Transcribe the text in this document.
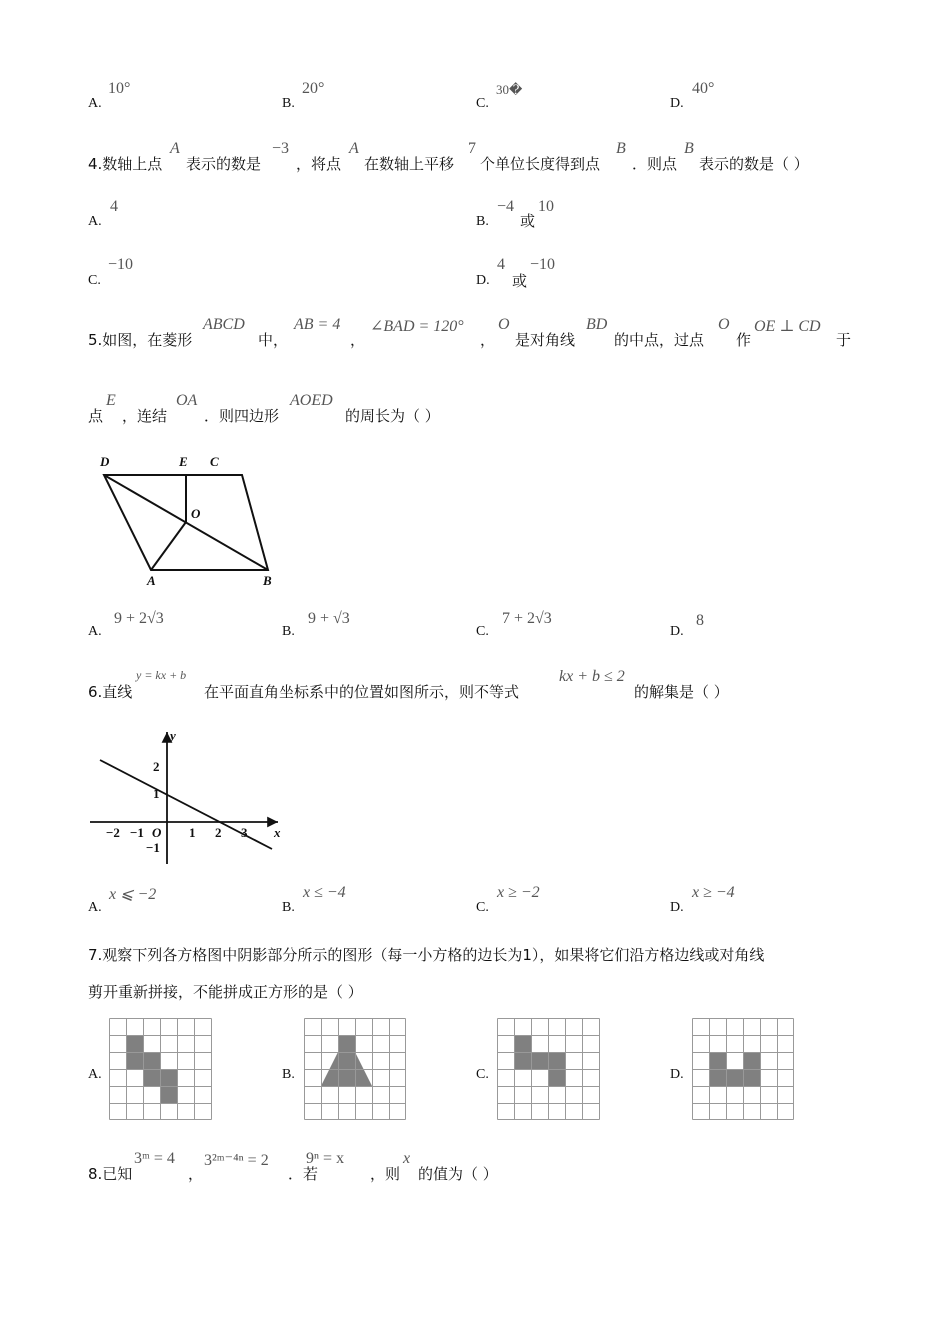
A.
10°
B.
20°
C.
30�
D.
40°
4.数轴上点
A
表示的数是
−3
，将点
A
在数轴上平移
7
个单位长度得到点
B
．则点
B
表示的数是（ ）
A.
4
B.
−4
或
10
C.
−10
D.
4
或
−10
5.如图，在菱形
ABCD
中，
AB = 4
，
∠BAD = 120°
，
O
是对角线
BD
的中点，过点
O
作
OE ⊥ CD
于
点
E
，连结
OA
．则四边形
AOED
的周长为（ ）
D	E C
O
A	B
A.
9 + 2√3
B.
9 + √3
C.
7 + 2√3
D.
8
6.直线
y = kx + b
在平面直角坐标系中的位置如图所示，则不等式
kx + b ≤ 2
的解集是（ ）
y
x
O
2
1
−1
−2 −1	1 2 3
A.
x ⩽ −2
B.
x ≤ −4
C.
x ≥ −2
D.
x ≥ −4
7.观察下列各方格图中阴影部分所示的图形（每一小方格的边长为1），如果将它们沿方格边线或对角线
剪开重新拼接，不能拼成正方形的是（ ）
A.	B.	C.	D.
8.已知
3ᵐ = 4
，
3²ᵐ⁻⁴ⁿ = 2
．若
9ⁿ = x
，则
x
的值为（ ）
